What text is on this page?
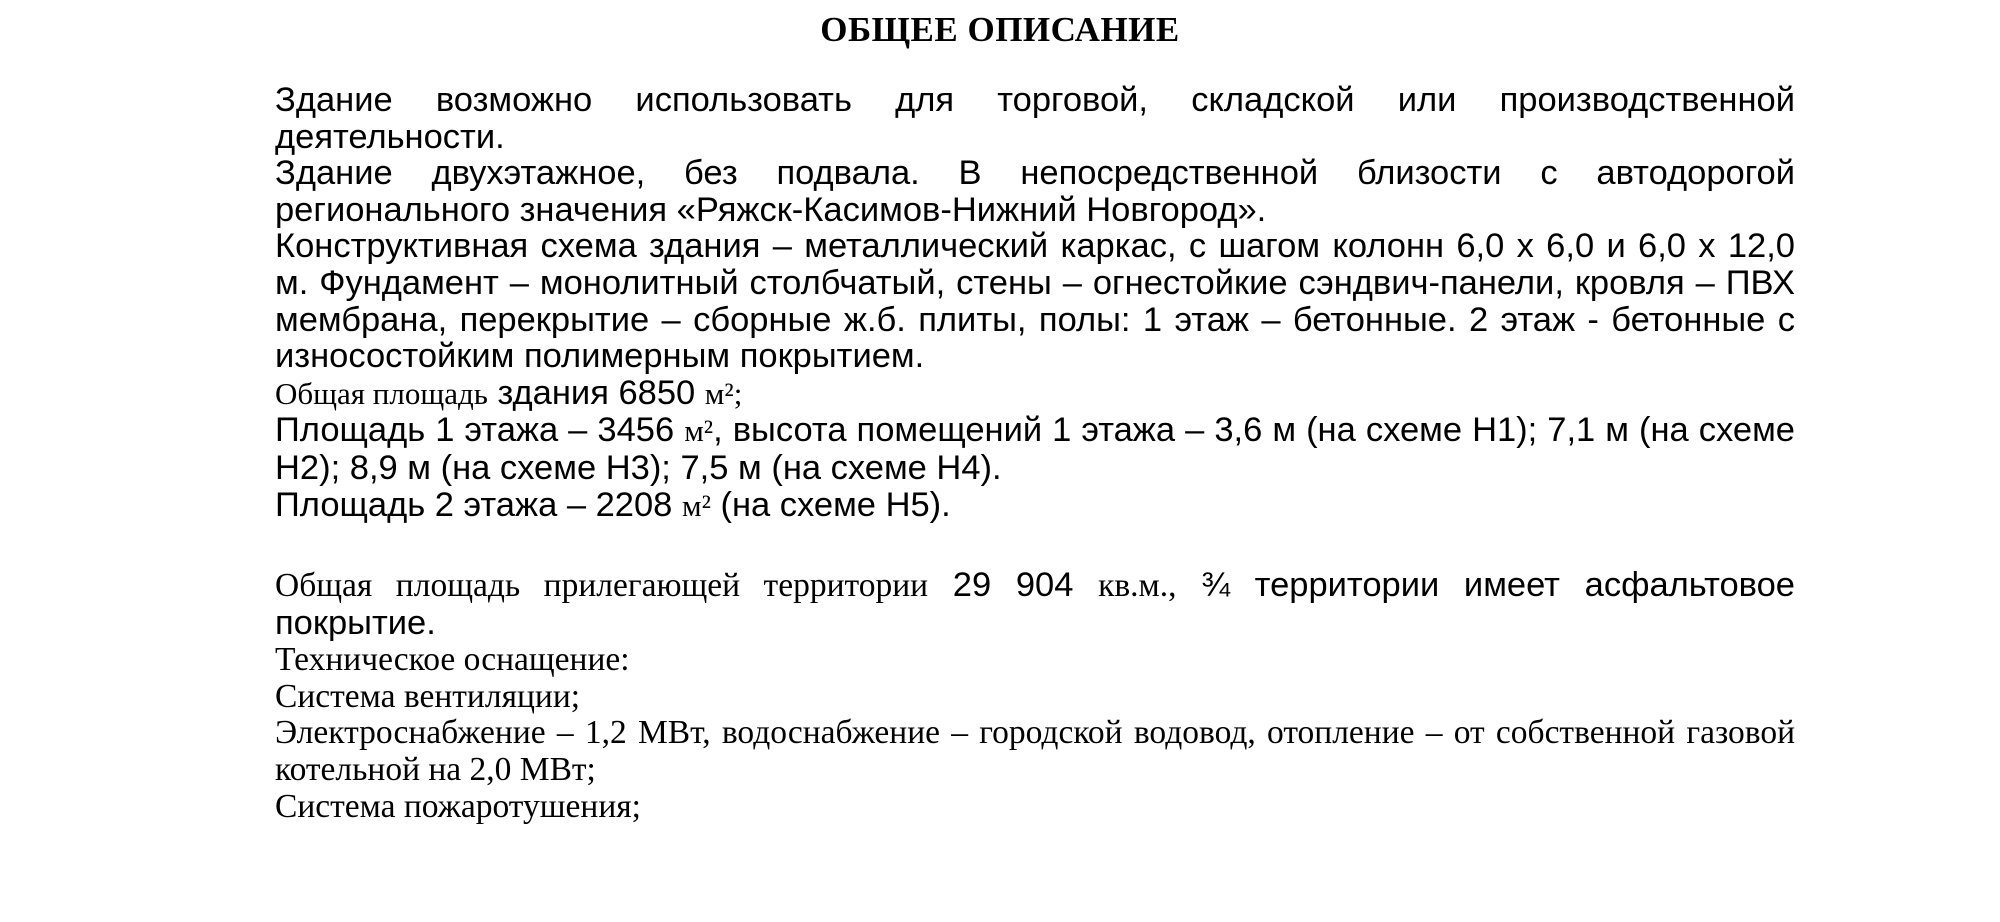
ОБЩЕЕ ОПИСАНИЕ

Здание возможно использовать для торговой, складской или производственной деятельности.

Здание двухэтажное, без подвала. В непосредственной близости с автодорогой регионального значения «Ряжск-Касимов-Нижний Новгород».

Конструктивная схема здания – металлический каркас, с шагом колонн 6,0 х 6,0 и 6,0 х 12,0 м. Фундамент – монолитный столбчатый, стены – огнестойкие сэндвич-панели, кровля – ПВХ мембрана, перекрытие – сборные ж.б. плиты, полы: 1 этаж – бетонные. 2 этаж - бетонные с износостойким полимерным покрытием.

Общая площадь здания 6850 м²;

Площадь 1 этажа – 3456 м², высота помещений 1 этажа – 3,6 м (на схеме Н1); 7,1 м (на схеме Н2); 8,9 м (на схеме Н3); 7,5 м (на схеме Н4).

Площадь 2 этажа – 2208 м² (на схеме Н5).

Общая площадь прилегающей территории 29 904 кв.м., ¾ территории имеет асфальтовое покрытие.

Техническое оснащение:

Система вентиляции;

Электроснабжение – 1,2 МВт, водоснабжение – городской водовод, отопление – от собственной газовой котельной на 2,0 МВт;

Система пожаротушения;
